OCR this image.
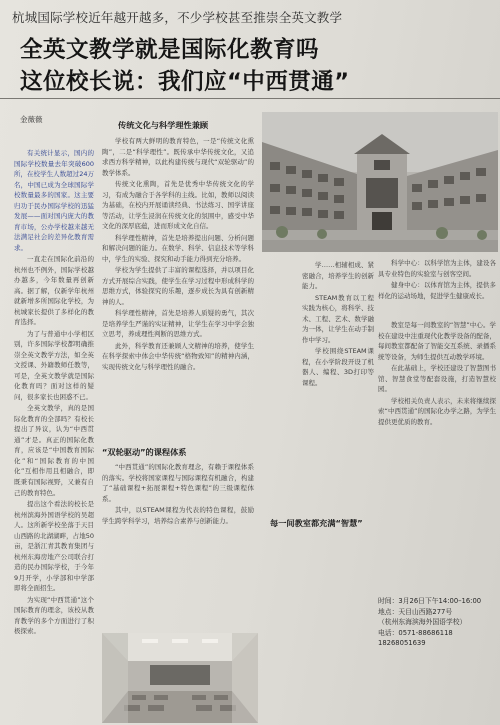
杭城国际学校近年越开越多，不少学校甚至推崇全英文教学
全英文教学就是国际化教育吗
这位校长说：我们应“中西贯通”
金薇薇

有关统计显示，国内的国际学校数量去年突破600所，在校学生人数超过24万名，中国已成为全球国际学校数量最多的国家。这主要归功于民办国际学校的迅猛发展——面对国内庞大的教育市场，公办学校越来越无法满足社会的差异化教育需求。

一直走在国际化前沿的杭州也不例外，国际学校越办越多，今年数量再创新高。据了解，仅新学年杭州就新增多所国际化学校，为杭城家长提供了多样化的教育选择。

为了与普通中小学相区别，许多国际学校都明确推崇全英文教学方法，如全英文授课、外籍教师任教等，可是，全英文教学就是国际化教育吗？面对这样的疑问，很多家长也困惑不已。

全英文教学，真的是国际化教育的全部吗？有校长提出了异议，认为“中西贯通”才是。真正的国际化教育，应该是“中国教育国际化”和“国际教育的中国化”互相作用且相融合，即既秉有国际视野，又兼有自己的教育特色。

提出这个看法的校长是杭州滨海外国语学校的吴超人。这所新学校坐落于天目山西路的北湖湖畔，占地50亩，是浙江青其教育集团与杭州东海房地产公司联合打造的民办国际学校，于今年9月开学，小学部和中学部即将全面招生。

为实现“中西贯通”这个国际教育的理念，该校从教育教学的多个方面进行了积极探索。

传统文化与科学理性兼顾

学校有两大鲜明的教育特色，一是“传统文化熏陶”，二是“科学理性”。既传承中华传统文化，又追求西方科学精神，以此构建传统与现代“双轮驱动”的教学体系。

传统文化熏陶，首先是优秀中华传统文化的学习，有成为融合于各学科的主线。比如，教师以阅读为基础，在校内开展诵读经典、书法练习、国学讲座等活动，让学生浸润在传统文化的氛围中，感受中华文化的深厚底蕴，进而形成文化自信。

科学理性精神，首先是培养提出问题、分析问题和解决问题的能力。在数学、科学、信息技术等学科中，学生的实验、探究和动手能力得到充分培养。

学校为学生提供了丰富的课程选择，并以项目化方式开展综合实践，使学生在学习过程中形成科学的思维方式，体验探究的乐趣，逐步成长为具有创新精神的人。

科学理性精神，首先是培养人质疑的勇气，其次是培养学生严谨的实证精神，让学生在学习中学会独立思考，养成理性判断的思维方式。

此外，科学教育还兼顾人文精神的培养，使学生在科学探索中体会中华传统“格物致知”的精神内涵，实现传统文化与科学理性的融合。

“双轮驱动”的课程体系

“中西贯通”的国际化教育理念，有赖于课程体系的落实。学校将国家课程与国际课程有机融合，构建了“基础课程+拓展课程+特色课程”的三级课程体系。

其中，以STEAM课程为代表的特色课程，鼓励学生跨学科学习，培养综合素养与创新能力。

学……相辅相成、紧密融合，培养学生的创新能力。

STEAM教育以工程实践为核心，将科学、技术、工程、艺术、数学融为一体，让学生在动手制作中学习。

学校围绕STEAM课程，在小学阶段开设了机器人、编程、3D打印等课程。

科学中心：以科学馆为主体，建设各具专业特色的实验室与创客空间。

健身中心：以体育馆为主体，提供多样化的运动场地，促进学生健康成长。

每一间教室都充满“智慧”

教室是每一间教室的“智慧”中心。学校在建设中注重现代化教学设备的配备，每间教室都配备了智能交互系统、录播系统等设备，为师生提供互动教学环境。

在此基础上，学校还建设了智慧图书馆、智慧食堂等配套设施，打造智慧校园。

学校相关负责人表示，未来将继续探索“中西贯通”的国际化办学之路，为学生提供更优质的教育。

时间：3月26日下午14:00–16:00
地点：天目山西路277号
（杭州东海滨海外国语学校）
电话：0571-88686118
18268051639
